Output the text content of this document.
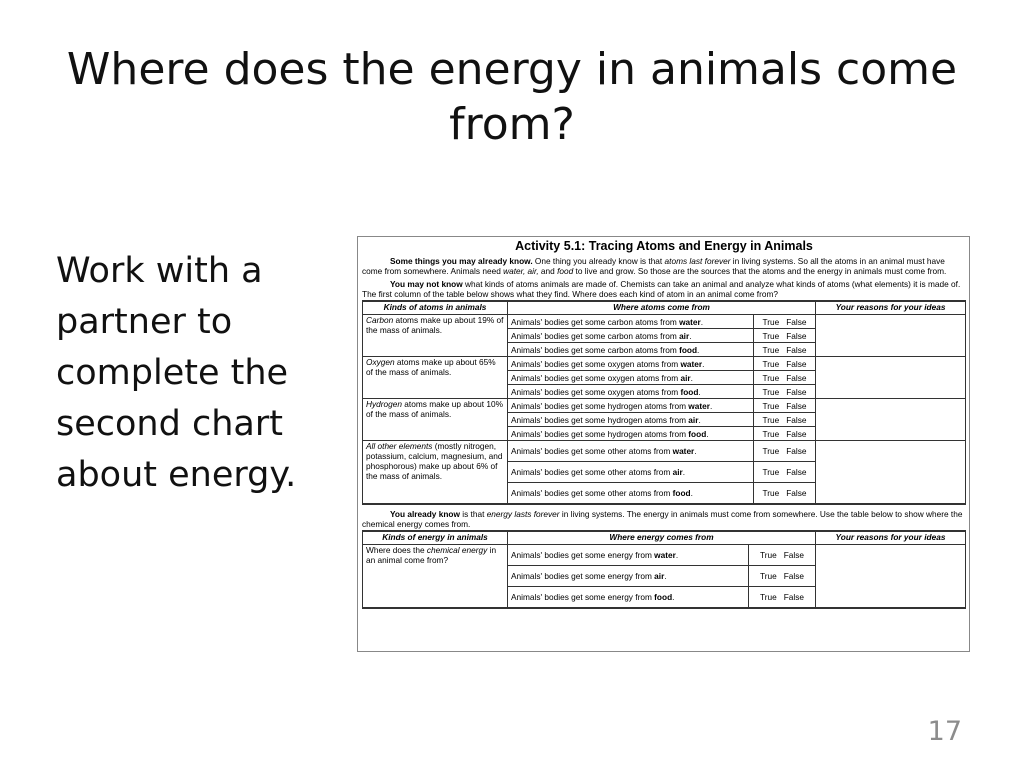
Where does the energy in animals come from?
Work with a partner to complete the second chart about energy.
Activity 5.1: Tracing Atoms and Energy in Animals
Some things you may already know. One thing you already know is that atoms last forever in living systems. So all the atoms in an animal must have come from somewhere. Animals need water, air, and food to live and grow. So those are the sources that the atoms and the energy in animals must come from.
You may not know what kinds of atoms animals are made of. Chemists can take an animal and analyze what kinds of atoms (what elements) it is made of. The first column of the table below shows what they find. Where does each kind of atom in an animal come from?
Kinds of atoms in animals	Where atoms come from		Your reasons for your ideas
Carbon atoms make up about 19% of the mass of animals.	Animals' bodies get some carbon atoms from water.	True False	
	Animals' bodies get some carbon atoms from air.	True False	
	Animals' bodies get some carbon atoms from food.	True False	
Oxygen atoms make up about 65% of the mass of animals.	Animals' bodies get some oxygen atoms from water.	True False	
	Animals' bodies get some oxygen atoms from air.	True False	
	Animals' bodies get some oxygen atoms from food.	True False	
Hydrogen atoms make up about 10% of the mass of animals.	Animals' bodies get some hydrogen atoms from water.	True False	
	Animals' bodies get some hydrogen atoms from air.	True False	
	Animals' bodies get some hydrogen atoms from food.	True False	
All other elements (mostly nitrogen, potassium, calcium, magnesium, and phosphorous) make up about 6% of the mass of animals.	Animals' bodies get some other atoms from water.	True False	
	Animals' bodies get some other atoms from air.	True False	
	Animals' bodies get some other atoms from food.	True False	
You already know is that energy lasts forever in living systems. The energy in animals must come from somewhere. Use the table below to show where the chemical energy comes from.
Kinds of energy in animals	Where energy comes from		Your reasons for your ideas
Where does the chemical energy in an animal come from?	Animals' bodies get some energy from water.	True False	
	Animals' bodies get some energy from air.	True False	
	Animals' bodies get some energy from food.	True False	
17
